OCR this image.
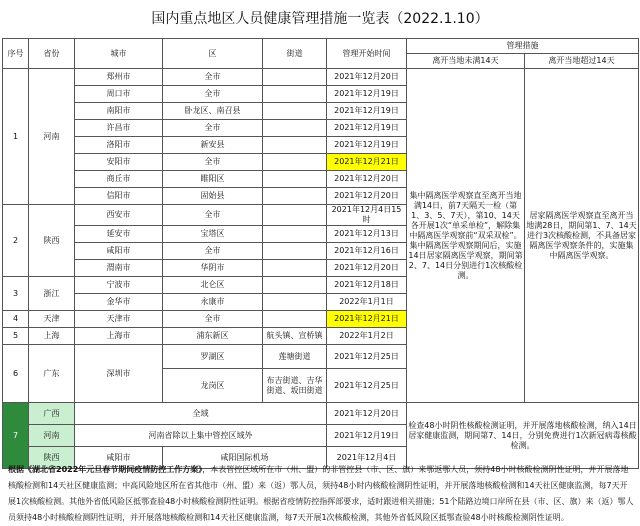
国内重点地区人员健康管理措施一览表（2022.1.10）
序号	省份	城市	区	街道	管理开始时间	管理措施	
						离开当地未满14天	离开当地超过14天
1	河南	郑州市	全市		2021年12月20日	集中隔离医学观察直至离开当地满14日，前7天隔天一检（第1、3、5、7天），第10、14天各开展1次“单采单检”，解除集中隔离医学观察前“双采双检”。集中隔离医学观察期间后，实施14日居家隔离医学观察，期间第2、7、14日分别进行1次核酸检测。	居家隔离医学观察直至离开当地满28日，期间第1、7、14天进行3次核酸检测，不具备居家隔离医学观察条件的，实施集中隔离医学观察。
		周口市	全市		2021年12月19日		
		南阳市	卧龙区、南召县		2021年12月19日		
		许昌市	全市		2021年12月19日		
		洛阳市	新安县		2021年12月19日		
		安阳市	全市		2021年12月21日		
		商丘市	睢阳区		2021年12月20日		
		信阳市	固始县		2021年12月20日		
2	陕西	西安市	全市		2021年12月4日15时		
		延安市	宝塔区		2021年12月13日		
		咸阳市	全市		2021年12月16日		
		渭南市	华阴市		2021年12月20日		
3	浙江	宁波市	北仑区		2021年12月18日		
		金华市	永康市		2022年1月1日		
4	天津	天津市	全市		2021年12月21日		
5	上海	上海市	浦东新区	航头镇、宣桥镇	2022年1月2日		
6	广东	深圳市	罗湖区	莲塘街道	2021年12月25日		
			龙岗区	布吉街道、吉华街道、坂田街道	2021年12月25日		
7	广西	全域			2021年12月20日	检查48小时阴性核酸检测证明，并开展落地核酸检测，纳入14日居家健康监测，期间第7、14日，分别免费进行1次新冠病毒核酸检测。	
	河南	河南省除以上集中管控区域外			2021年12月19日		
	陕西	咸阳市	咸阳国际机场		2021年12月4日		
根据《湖北省2022年元旦春节期间疫情防控工作方案》，本表管控区域所在市（州、盟）的非管控县（市、区、旗）来鄂返鄂人员，须持48小时核酸检测阴性证明，并开展落地核酸检测和14天社区健康监测；中高风险地区所在省其他市（州、盟）来（返）鄂人员，须持48小时内核酸检测阴性证明，并开展落地核酸检测和14天社区健康监测，每7天开展1次核酸检测。其他外省低风险区抵鄂查验48小时核酸检测阴性证明。根据省疫情防控指挥部要求，适时跟进相关措施；51个陆路边境口岸所在县（市、区、旗）来（返）鄂人员须持48小时核酸检测阴性证明，并开展落地核酸检测和14天社区健康监测，每7天开展1次核酸检测，其他外省低风险区抵鄂查验48小时核酸检测阴性证明。
